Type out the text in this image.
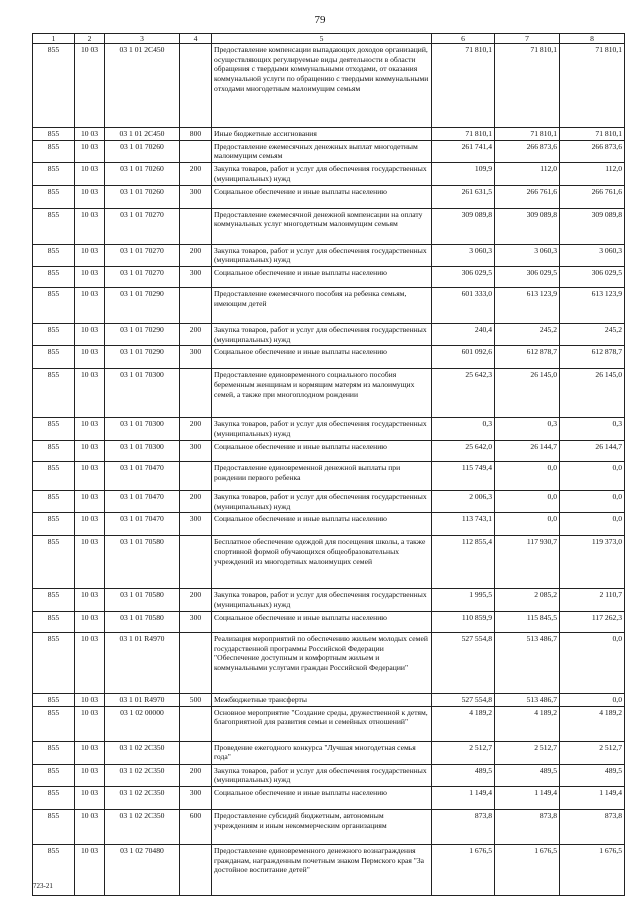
79
1	2	3	4	5	6	7	8
855	10 03	03 1 01 2С450		Предоставление компенсации выпадающих доходов организаций, осуществляющих регулируемые виды деятельности в области обращения с твердыми коммунальными отходами, от оказания коммунальной услуги по обращению с твердыми коммунальными отходами многодетным малоимущим семьям	71 810,1	71 810,1	71 810,1
855	10 03	03 1 01 2С450	800	Иные бюджетные ассигнования	71 810,1	71 810,1	71 810,1
855	10 03	03 1 01 70260		Предоставление ежемесячных денежных выплат многодетным малоимущим семьям	261 741,4	266 873,6	266 873,6
855	10 03	03 1 01 70260	200	Закупка товаров, работ и услуг для обеспечения государственных (муниципальных) нужд	109,9	112,0	112,0
855	10 03	03 1 01 70260	300	Социальное обеспечение и иные выплаты населению	261 631,5	266 761,6	266 761,6
855	10 03	03 1 01 70270		Предоставление ежемесячной денежной компенсации на оплату коммунальных услуг многодетным малоимущим семьям	309 089,8	309 089,8	309 089,8
855	10 03	03 1 01 70270	200	Закупка товаров, работ и услуг для обеспечения государственных (муниципальных) нужд	3 060,3	3 060,3	3 060,3
855	10 03	03 1 01 70270	300	Социальное обеспечение и иные выплаты населению	306 029,5	306 029,5	306 029,5
855	10 03	03 1 01 70290		Предоставление ежемесячного пособия на ребенка семьям, имеющим детей	601 333,0	613 123,9	613 123,9
855	10 03	03 1 01 70290	200	Закупка товаров, работ и услуг для обеспечения государственных (муниципальных) нужд	240,4	245,2	245,2
855	10 03	03 1 01 70290	300	Социальное обеспечение и иные выплаты населению	601 092,6	612 878,7	612 878,7
855	10 03	03 1 01 70300		Предоставление единовременного социального пособия беременным женщинам и кормящим матерям из малоимущих семей, а также при многоплодном рождении	25 642,3	26 145,0	26 145,0
855	10 03	03 1 01 70300	200	Закупка товаров, работ и услуг для обеспечения государственных (муниципальных) нужд	0,3	0,3	0,3
855	10 03	03 1 01 70300	300	Социальное обеспечение и иные выплаты населению	25 642,0	26 144,7	26 144,7
855	10 03	03 1 01 70470		Предоставление единовременной денежной выплаты при рождении первого ребенка	115 749,4	0,0	0,0
855	10 03	03 1 01 70470	200	Закупка товаров, работ и услуг для обеспечения государственных (муниципальных) нужд	2 006,3	0,0	0,0
855	10 03	03 1 01 70470	300	Социальное обеспечение и иные выплаты населению	113 743,1	0,0	0,0
855	10 03	03 1 01 70580		Бесплатное обеспечение одеждой для посещения школы, а также спортивной формой обучающихся общеобразовательных учреждений из многодетных малоимущих семей	112 855,4	117 930,7	119 373,0
855	10 03	03 1 01 70580	200	Закупка товаров, работ и услуг для обеспечения государственных (муниципальных) нужд	1 995,5	2 085,2	2 110,7
855	10 03	03 1 01 70580	300	Социальное обеспечение и иные выплаты населению	110 859,9	115 845,5	117 262,3
855	10 03	03 1 01 R4970		Реализация мероприятий по обеспечению жильем молодых семей государственной программы Российской Федерации "Обеспечение доступным и комфортным жильем и коммунальными услугами граждан Российской Федерации"	527 554,8	513 486,7	0,0
855	10 03	03 1 01 R4970	500	Межбюджетные трансферты	527 554,8	513 486,7	0,0
855	10 03	03 1 02 00000		Основное мероприятие "Создание среды, дружественной к детям, благоприятной для развития семьи и семейных отношений"	4 189,2	4 189,2	4 189,2
855	10 03	03 1 02 2С350		Проведение ежегодного конкурса "Лучшая многодетная семья года"	2 512,7	2 512,7	2 512,7
855	10 03	03 1 02 2С350	200	Закупка товаров, работ и услуг для обеспечения государственных (муниципальных) нужд	489,5	489,5	489,5
855	10 03	03 1 02 2С350	300	Социальное обеспечение и иные выплаты населению	1 149,4	1 149,4	1 149,4
855	10 03	03 1 02 2С350	600	Предоставление субсидий бюджетным, автономным учреждениям и иным некоммерческим организациям	873,8	873,8	873,8
855	10 03	03 1 02 70480		Предоставление единовременного денежного вознаграждения гражданам, награжденным почетным знаком Пермского края "За достойное воспитание детей"	1 676,5	1 676,5	1 676,5
723-21
